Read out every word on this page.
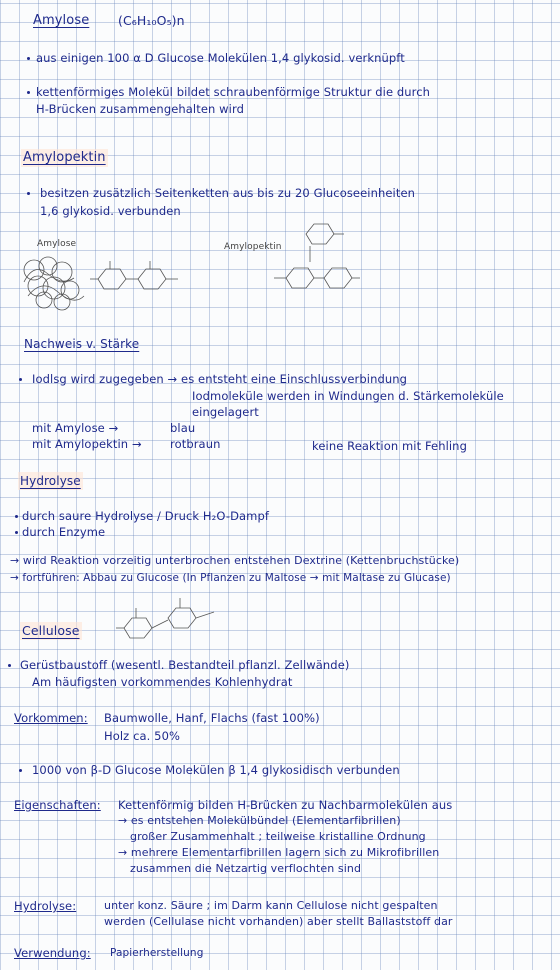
Amylose (C₆H₁₀O₅)n
aus einigen 100 α D Glucose Molekülen 1,4 glykosid. verknüpft
kettenförmiges Molekül bildet schraubenförmige Struktur die durch
H-Brücken zusammengehalten wird
Amylopektin
besitzen zusätzlich Seitenketten aus bis zu 20 Glucoseeinheiten
1,6 glykosid. verbunden
Amylose	Amylopektin
Nachweis v. Stärke
Iodlsg wird zugegeben → es entsteht eine Einschlussverbindung
Iodmoleküle werden in Windungen d. Stärkemoleküle
eingelagert
mit Amylose →	blau
mit Amylopektin → rotbraun	keine Reaktion mit Fehling
Hydrolyse
durch saure Hydrolyse / Druck H₂O-Dampf
durch Enzyme
→ wird Reaktion vorzeitig unterbrochen entstehen Dextrine (Kettenbruchstücke)
→ fortführen: Abbau zu Glucose (In Pflanzen zu Maltose → mit Maltase zu Glucase)
Cellulose
Gerüstbaustoff (wesentl. Bestandteil pflanzl. Zellwände)
Am häufigsten vorkommendes Kohlenhydrat
Vorkommen: Baumwolle, Hanf, Flachs (fast 100%)
Holz ca. 50%
1000 von β-D Glucose Molekülen β 1,4 glykosidisch verbunden
Eigenschaften: Kettenförmig bilden H-Brücken zu Nachbarmolekülen aus
→ es entstehen Molekülbündel (Elementarfibrillen)
großer Zusammenhalt ; teilweise kristalline Ordnung
→ mehrere Elementarfibrillen lagern sich zu Mikrofibrillen
zusammen die Netzartig verflochten sind
Hydrolyse:	unter konz. Säure ; im Darm kann Cellulose nicht gespalten
werden (Cellulase nicht vorhanden) aber stellt Ballaststoff dar
Verwendung: Papierherstellung
